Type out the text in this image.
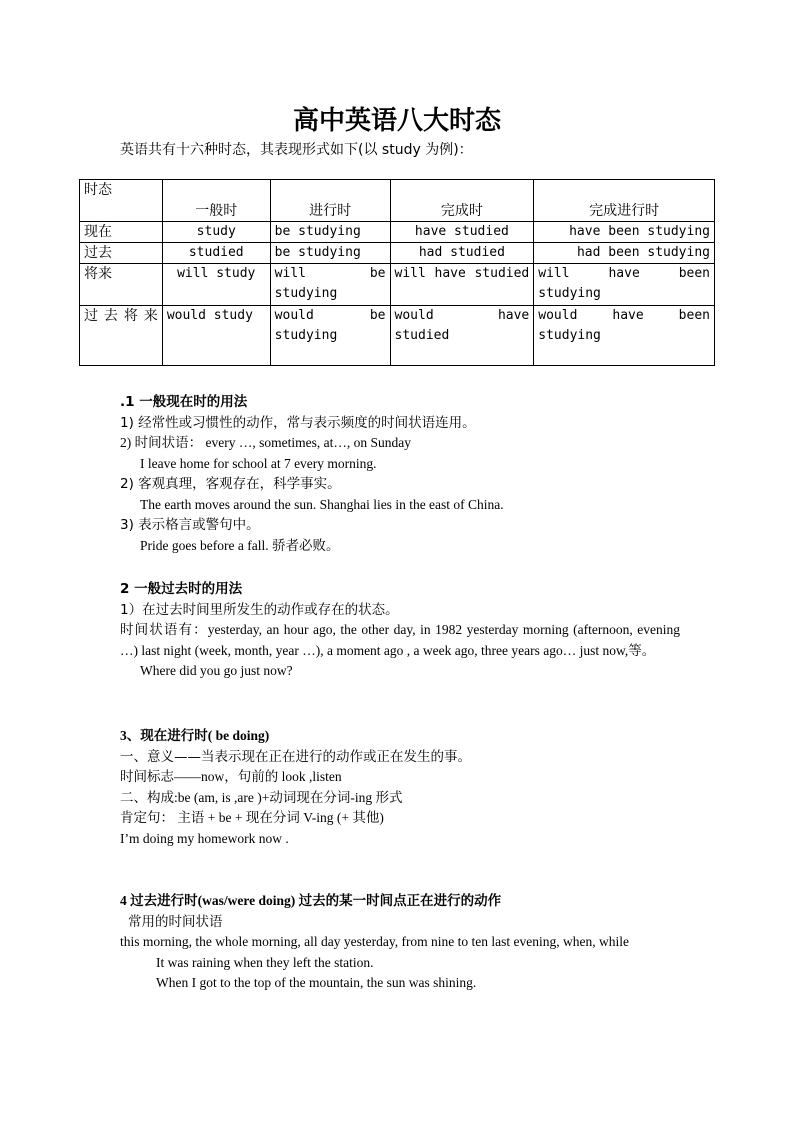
高中英语八大时态
英语共有十六种时态，其表现形式如下(以 study 为例)：
时态	一般时	进行时	完成时	完成进行时
现在	study	be studying	have studied	have been studying
过去	studied	be studying	had studied	had been studying
将来	will study	will be studying	will have studied	will have been studying
过去将来	would study	would be studying	would have studied	would have been studying

.1 一般现在时的用法

1) 经常性或习惯性的动作，常与表示频度的时间状语连用。

2) 时间状语： every …, sometimes, at…, on Sunday

I leave home for school at 7 every morning.

2) 客观真理，客观存在，科学事实。

The earth moves around the sun. Shanghai lies in the east of China.

3) 表示格言或警句中。

Pride goes before a fall. 骄者必败。

2 一般过去时的用法

1）在过去时间里所发生的动作或存在的状态。

时间状语有：yesterday, an hour ago, the other day, in 1982 yesterday morning (afternoon, evening …) last night (week, month, year …), a moment ago , a week ago, three years ago… just now,等。

Where did you go just now?

3、现在进行时( be doing)

一、意义——当表示现在正在进行的动作或正在发生的事。

时间标志——now，句前的 look ,listen

二、构成:be (am, is ,are )+动词现在分词-ing 形式

肯定句： 主语 + be + 现在分词 V-ing (+ 其他)

I’m doing my homework now .

4 过去进行时(was/were doing) 过去的某一时间点正在进行的动作

常用的时间状语

this morning, the whole morning, all day yesterday, from nine to ten last evening, when, while

It was raining when they left the station.

When I got to the top of the mountain, the sun was shining.
